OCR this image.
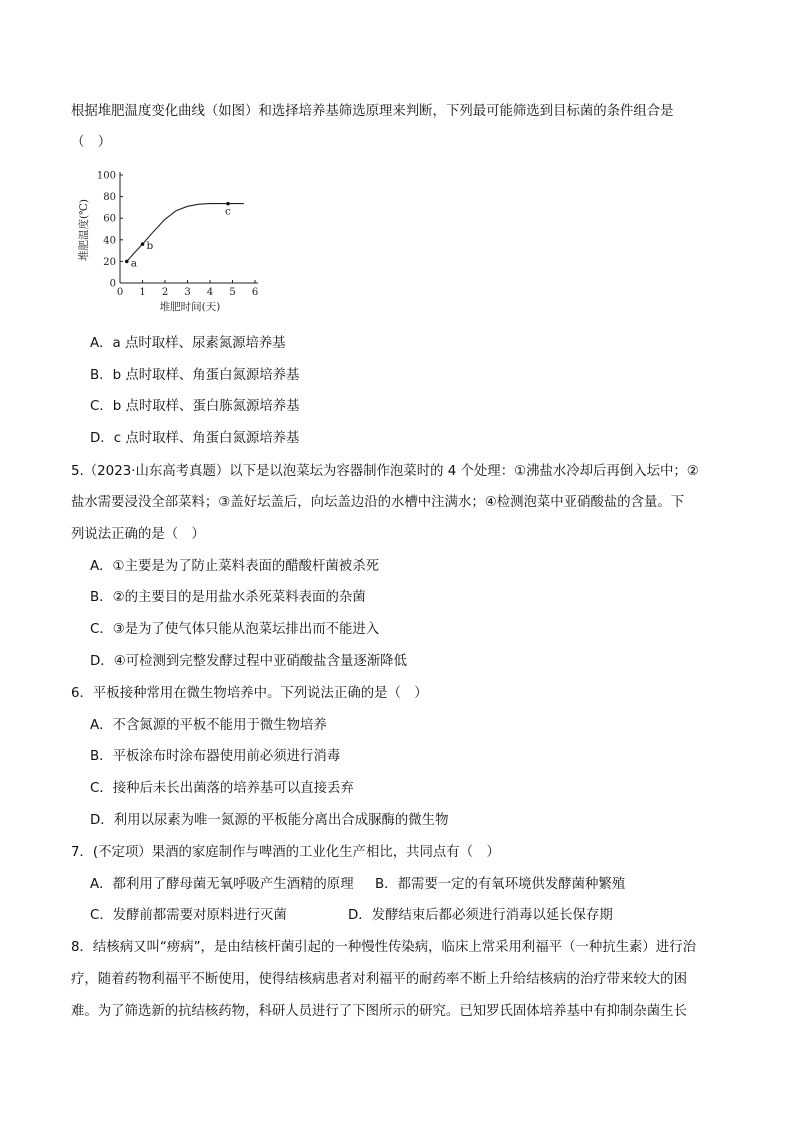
根据堆肥温度变化曲线（如图）和选择培养基筛选原理来判断，下列最可能筛选到目标菌的条件组合是
（　）
0 1 2 3 4 5 6
0
20
40
60
80
100
a
b
c
堆肥时间(天)
堆肥温度(℃)
A．a 点时取样、尿素氮源培养基
B．b 点时取样、角蛋白氮源培养基
C．b 点时取样、蛋白胨氮源培养基
D．c 点时取样、角蛋白氮源培养基
5.（2023·山东高考真题）以下是以泡菜坛为容器制作泡菜时的 4 个处理：①沸盐水冷却后再倒入坛中；②
盐水需要浸没全部菜料；③盖好坛盖后，向坛盖边沿的水槽中注满水；④检测泡菜中亚硝酸盐的含量。下
列说法正确的是（　）
A．①主要是为了防止菜料表面的醋酸杆菌被杀死
B．②的主要目的是用盐水杀死菜料表面的杂菌
C．③是为了使气体只能从泡菜坛排出而不能进入
D．④可检测到完整发酵过程中亚硝酸盐含量逐渐降低
6．平板接种常用在微生物培养中。下列说法正确的是（　）
A．不含氮源的平板不能用于微生物培养
B．平板涂布时涂布器使用前必须进行消毒
C．接种后未长出菌落的培养基可以直接丢弃
D．利用以尿素为唯一氮源的平板能分离出合成脲酶的微生物
7．(不定项）果酒的家庭制作与啤酒的工业化生产相比，共同点有（　）
A．都利用了酵母菌无氧呼吸产生酒精的原理 B．都需要一定的有氧环境供发酵菌种繁殖
C．发酵前都需要对原料进行灭菌	D．发酵结束后都必须进行消毒以延长保存期
8．结核病又叫“痨病”，是由结核杆菌引起的一种慢性传染病，临床上常采用利福平（一种抗生素）进行治
疗，随着药物利福平不断使用，使得结核病患者对利福平的耐药率不断上升给结核病的治疗带来较大的困
难。为了筛选新的抗结核药物，科研人员进行了下图所示的研究。已知罗氏固体培养基中有抑制杂菌生长
